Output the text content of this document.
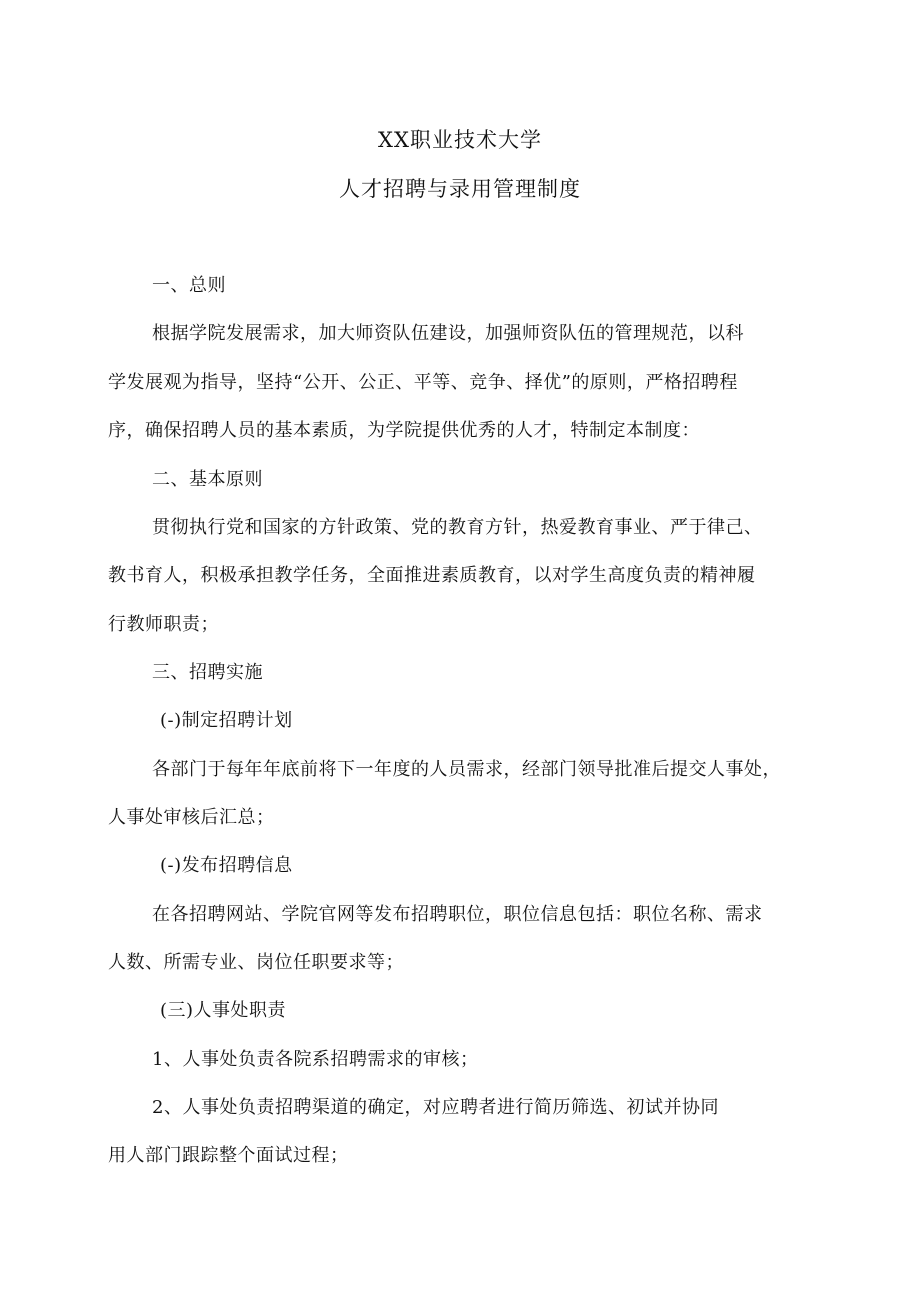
XX职业技术大学
人才招聘与录用管理制度
一、总则
根据学院发展需求，加大师资队伍建设，加强师资队伍的管理规范，以科
学发展观为指导，坚持“公开、公正、平等、竞争、择优”的原则，严格招聘程
序，确保招聘人员的基本素质，为学院提供优秀的人才，特制定本制度：
二、基本原则
贯彻执行党和国家的方针政策、党的教育方针，热爱教育事业、严于律己、
教书育人，积极承担教学任务，全面推进素质教育，以对学生高度负责的精神履
行教师职责；
三、招聘实施
(-)制定招聘计划
各部门于每年年底前将下一年度的人员需求，经部门领导批准后提交人事处，
人事处审核后汇总；
(-)发布招聘信息
在各招聘网站、学院官网等发布招聘职位，职位信息包括：职位名称、需求
人数、所需专业、岗位任职要求等；
(三)人事处职责
1、人事处负责各院系招聘需求的审核；
2、人事处负责招聘渠道的确定，对应聘者进行简历筛选、初试并协同
用人部门跟踪整个面试过程；
